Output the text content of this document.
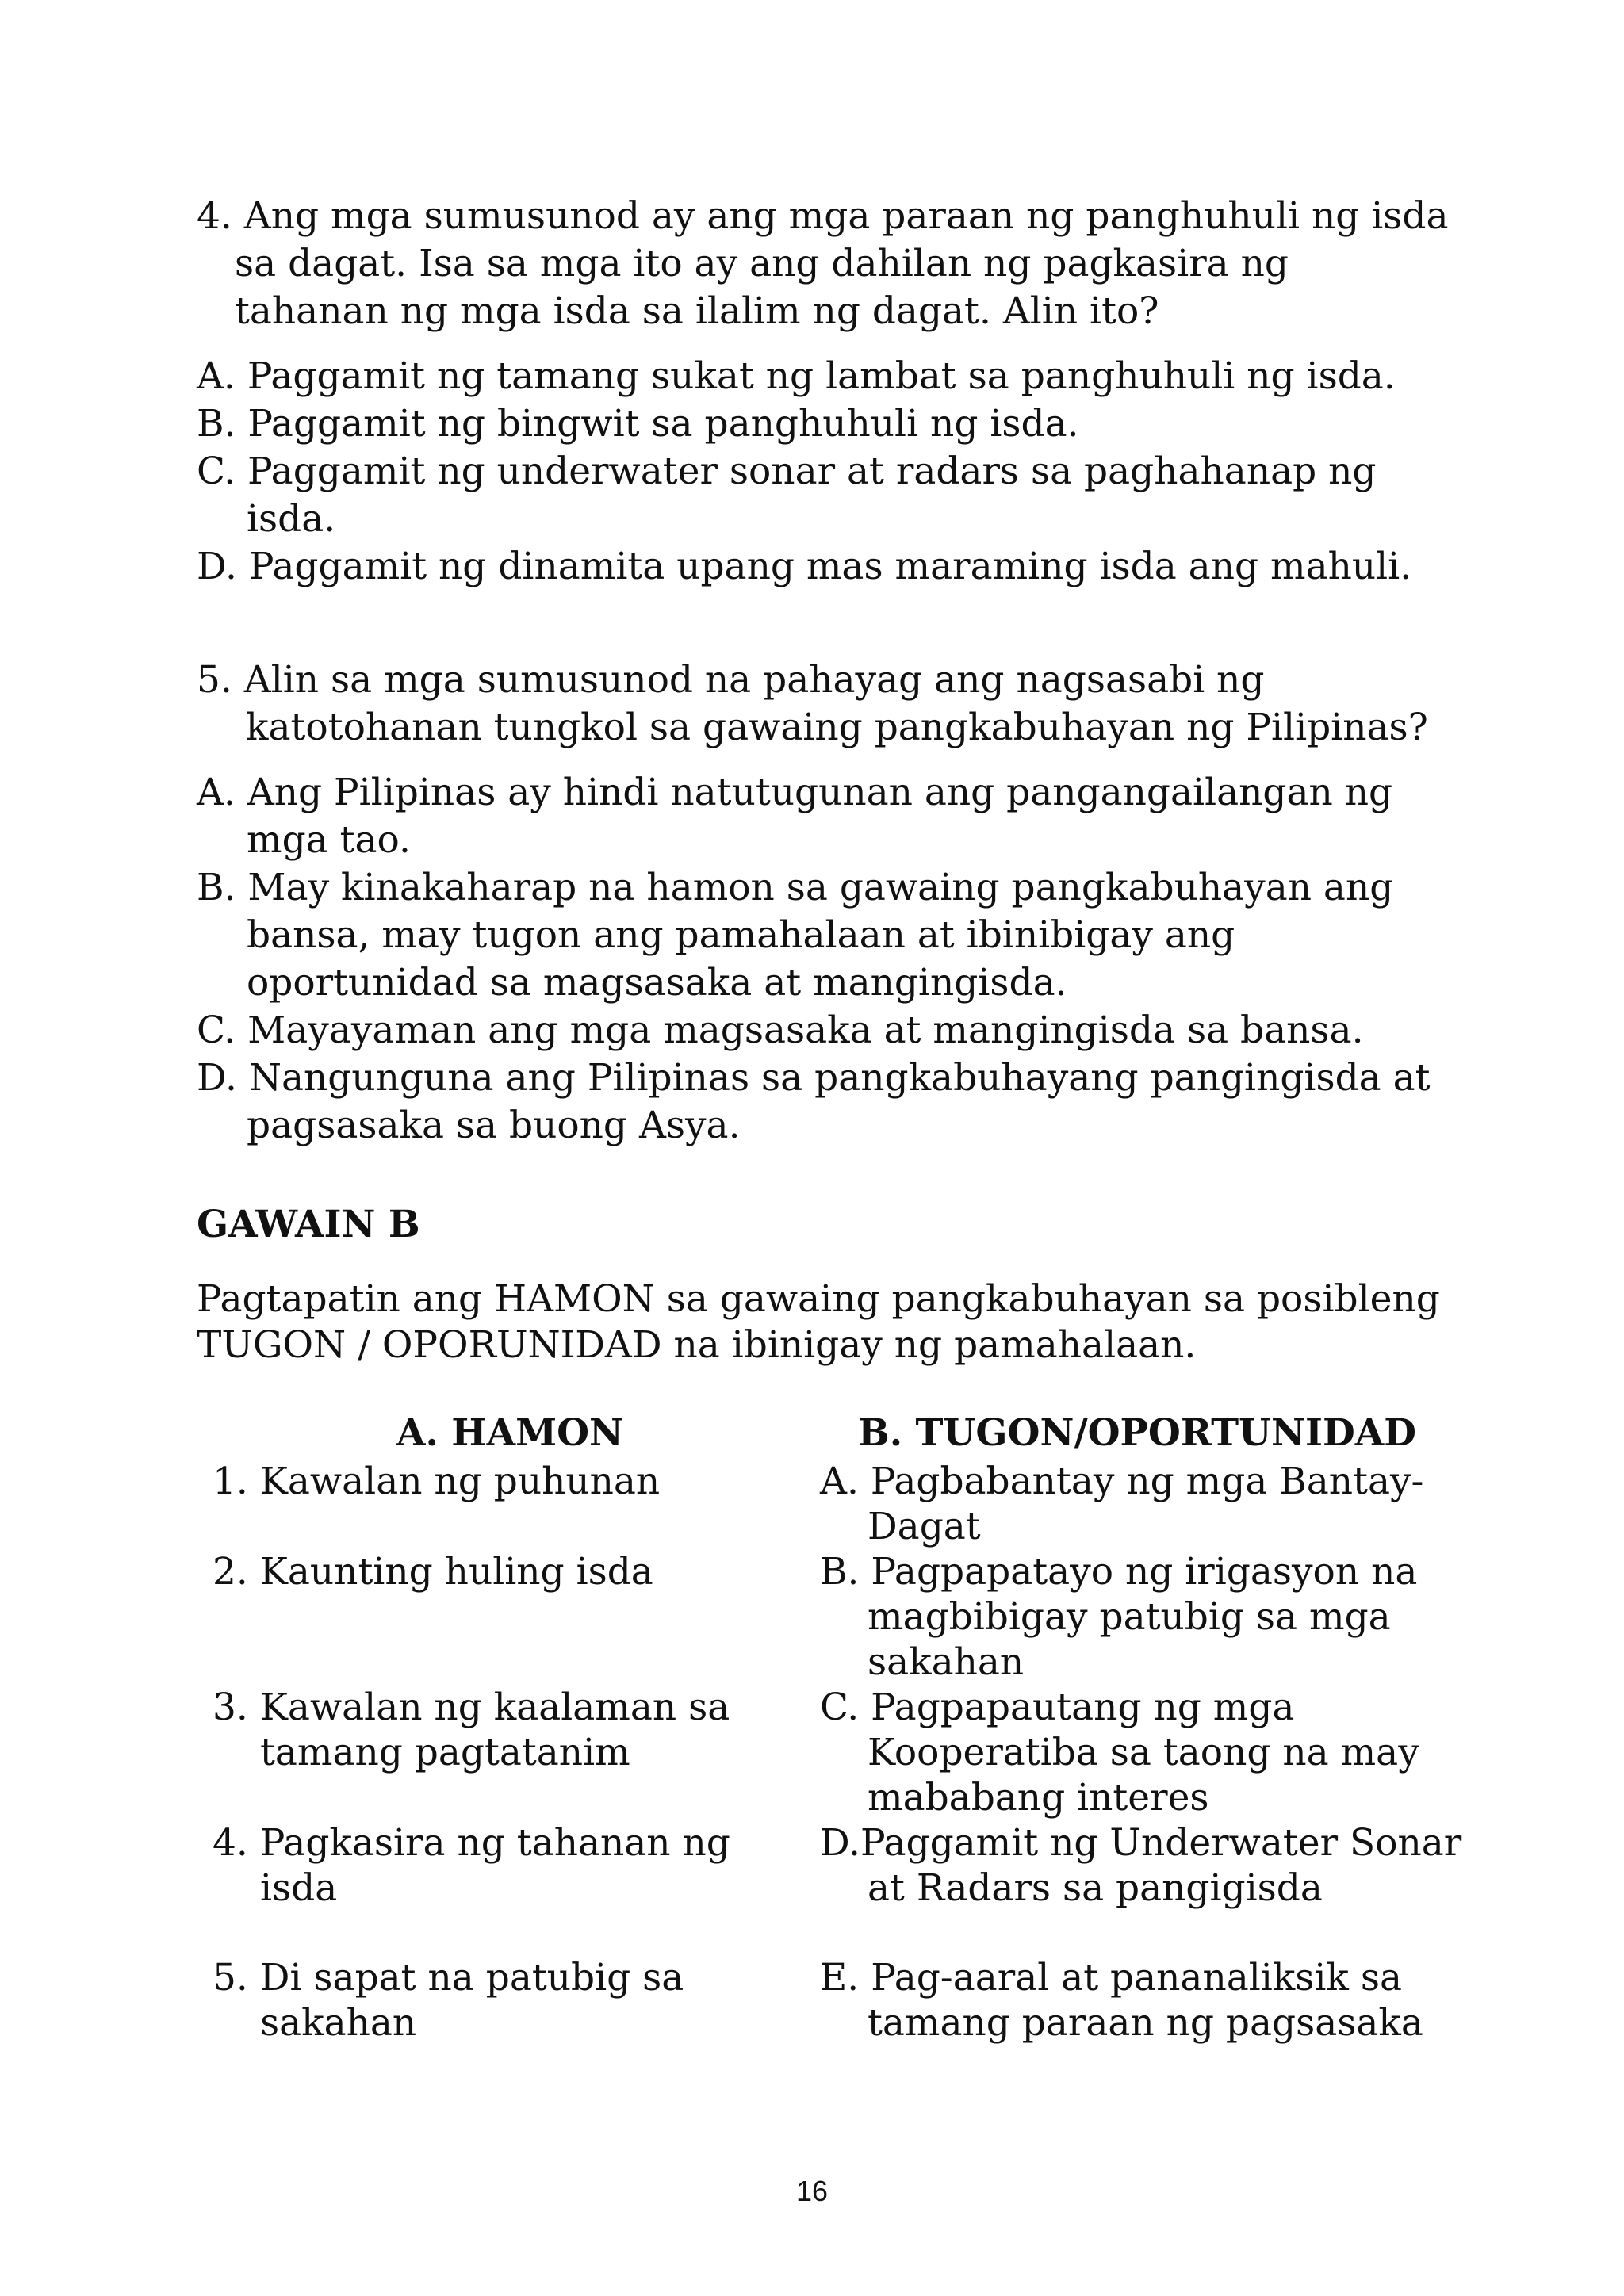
4. Ang mga sumusunod ay ang mga paraan ng panghuhuli ng isda sa dagat. Isa sa mga ito ay ang dahilan ng pagkasira ng tahanan ng mga isda sa ilalim ng dagat. Alin ito?
A. Paggamit ng tamang sukat ng lambat sa panghuhuli ng isda.
B. Paggamit ng bingwit sa panghuhuli ng isda.
C. Paggamit ng underwater sonar at radars sa paghahanap ng isda.
D. Paggamit ng dinamita upang mas maraming isda ang mahuli.
5. Alin sa mga sumusunod na pahayag ang nagsasabi ng katotohanan tungkol sa gawaing pangkabuhayan ng Pilipinas?
A. Ang Pilipinas ay hindi natutugunan ang pangangailangan ng mga tao.
B. May kinakaharap na hamon sa gawaing pangkabuhayan ang bansa, may tugon ang pamahalaan at ibinibigay ang oportunidad sa magsasaka at mangingisda.
C. Mayayaman ang mga magsasaka at mangingisda sa bansa.
D. Nangunguna ang Pilipinas sa pangkabuhayang pangingisda at pagsasaka sa buong Asya.
GAWAIN B
Pagtapatin ang HAMON sa gawaing pangkabuhayan sa posibleng TUGON / OPORUNIDAD na ibinigay ng pamahalaan.
A. HAMON	B. TUGON/OPORTUNIDAD
1. Kawalan ng puhunan
2. Kaunting huling isda
3. Kawalan ng kaalaman sa tamang pagtatanim
4. Pagkasira ng tahanan ng isda
5. Di sapat na patubig sa sakahan
A. Pagbabantay ng mga Bantay-Dagat
B. Pagpapatayo ng irigasyon na magbibigay patubig sa mga sakahan
C. Pagpapautang ng mga Kooperatiba sa taong na may mababang interes
D.Paggamit ng Underwater Sonar at Radars sa pangigisda
E. Pag-aaral at pananaliksik sa tamang paraan ng pagsasaka
16
